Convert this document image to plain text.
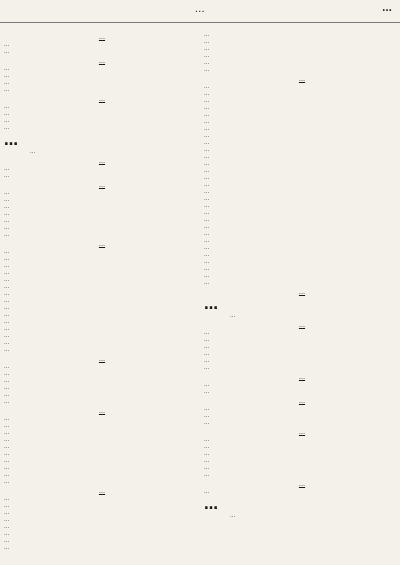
…	…
…
…
…
…
…
…
…
…
…
…
…
…
…
…
…
…
…
…
…
…
…
…
…
…
…
…
…
…
…
…
…
…
…
…
…
…
…
…
…
…
…
…
…
…
…
…
…
…
…
…
…
…
…
…
…
…
…
…
…
…
…
…
…
…
…
…
…
…
…
…
…
…
…
…
…
…
…
…
…
…
…
…
…
…
…
…
…
…
…
…
…
…
…
…
…
…
…
…
…
…
…
…
…
…
…
…
…
…
…
…
…
…
…
…
…
…
…
…
…
…
…
…
…
…
…
…
…
…
…
…
…
…
…
